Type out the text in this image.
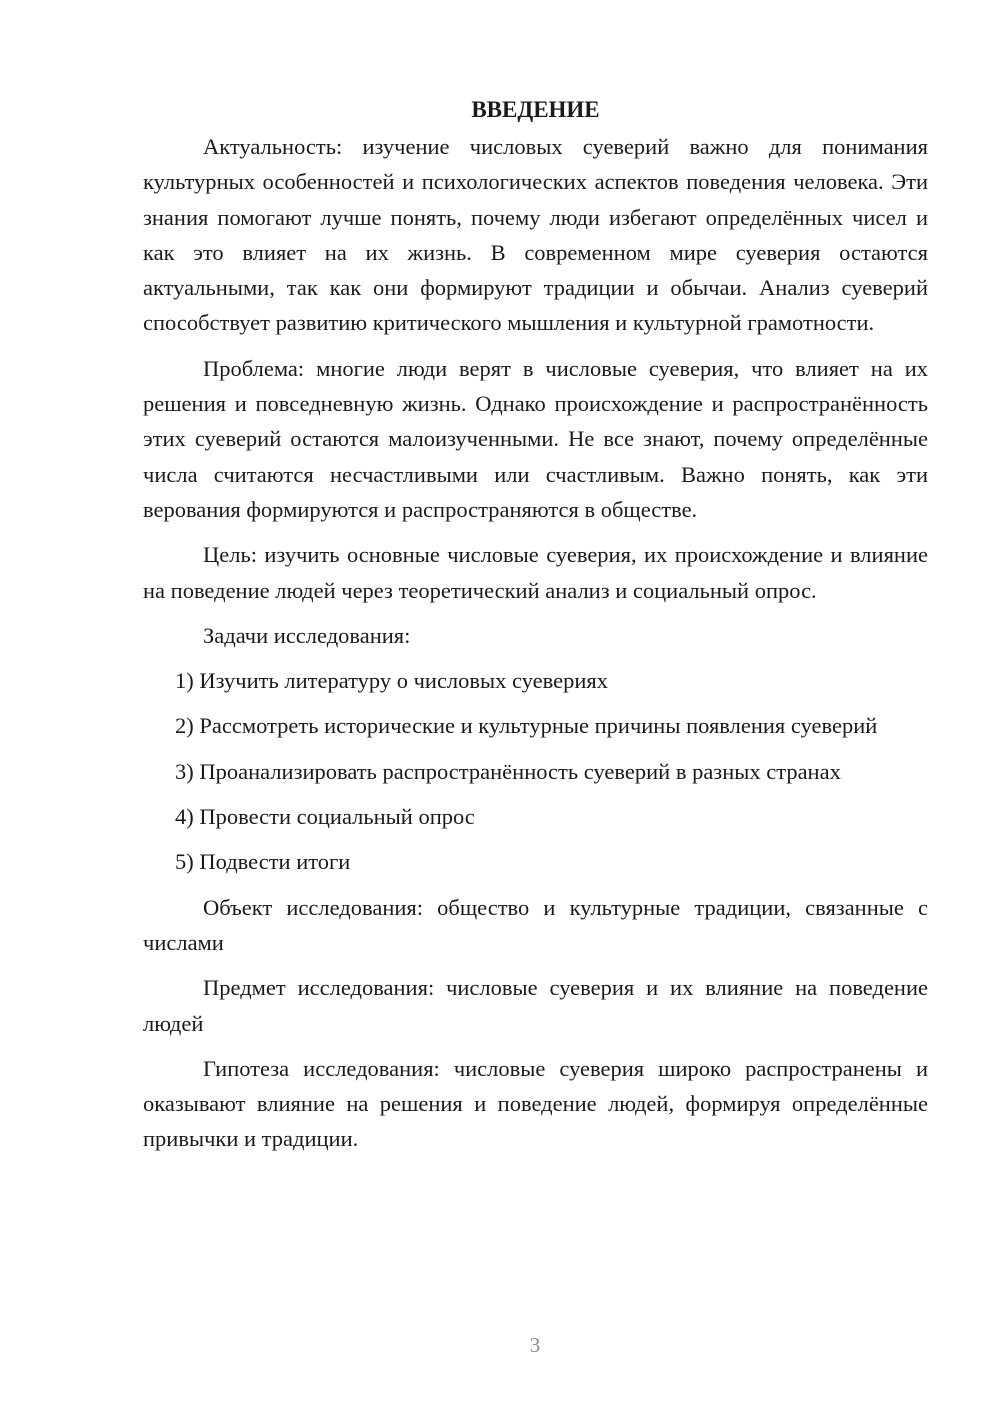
ВВЕДЕНИЕ

Актуальность: изучение числовых суеверий важно для понимания культурных особенностей и психологических аспектов поведения человека. Эти знания помогают лучше понять, почему люди избегают определённых чисел и как это влияет на их жизнь. В современном мире суеверия остаются актуальными, так как они формируют традиции и обычаи. Анализ суеверий способствует развитию критического мышления и культурной грамотности.

Проблема: многие люди верят в числовые суеверия, что влияет на их решения и повседневную жизнь. Однако происхождение и распространённость этих суеверий остаются малоизученными. Не все знают, почему определённые числа считаются несчастливыми или счастливым. Важно понять, как эти верования формируются и распространяются в обществе.

Цель: изучить основные числовые суеверия, их происхождение и влияние на поведение людей через теоретический анализ и социальный опрос.

Задачи исследования:

1) Изучить литературу о числовых суевериях

2) Рассмотреть исторические и культурные причины появления суеверий

3) Проанализировать распространённость суеверий в разных странах

4) Провести социальный опрос

5) Подвести итоги

Объект исследования: общество и культурные традиции, связанные с числами

Предмет исследования: числовые суеверия и их влияние на поведение людей

Гипотеза исследования: числовые суеверия широко распространены и оказывают влияние на решения и поведение людей, формируя определённые привычки и традиции.

3
